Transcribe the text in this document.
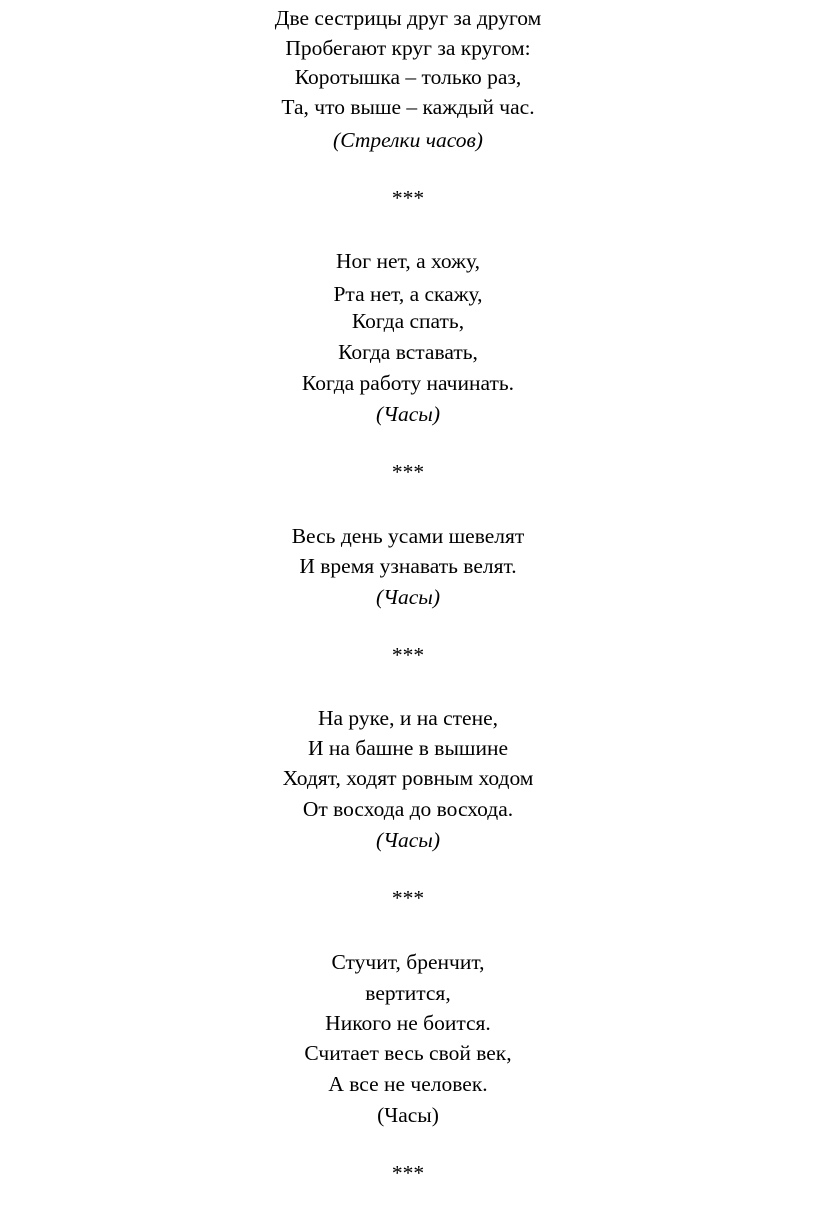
Две сестрицы друг за другом
Пробегают круг за кругом:
Коротышка – только раз,
Та, что выше – каждый час.
(Стрелки часов)
***
Ног нет, а хожу,
Рта нет, а скажу,
Когда спать,
Когда вставать,
Когда работу начинать.
(Часы)
***
Весь день усами шевелят
И время узнавать велят.
(Часы)
***
На руке, и на стене,
И на башне в вышине
Ходят, ходят ровным ходом
От восхода до восхода.
(Часы)
***
Стучит, бренчит,
вертится,
Никого не боится.
Считает весь свой век,
А все не человек.
(Часы)
***
